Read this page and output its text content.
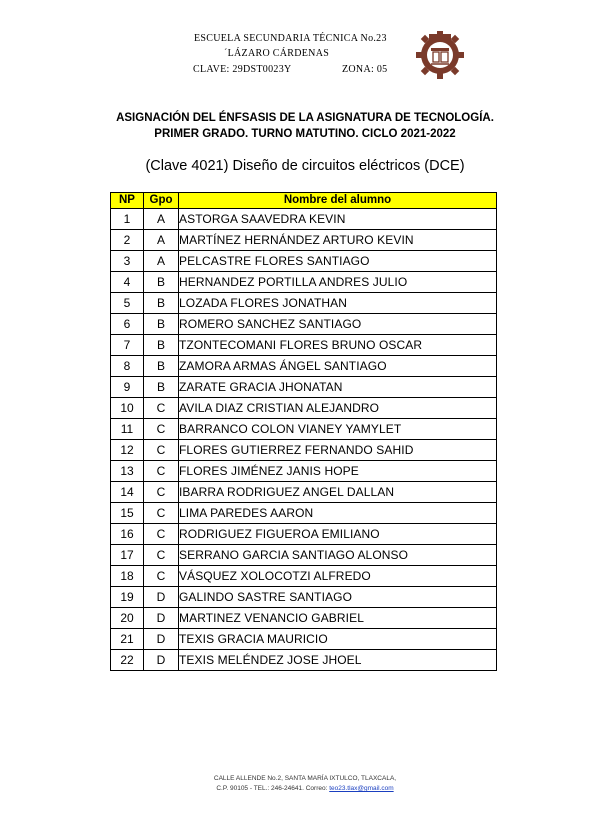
ESCUELA SECUNDARIA TÉCNICA No.23
´LÁZARO CÁRDENAS
CLAVE: 29DST0023Y	ZONA: 05
ASIGNACIÓN DEL ÉNFSASIS DE LA ASIGNATURA DE TECNOLOGÍA.
PRIMER GRADO. TURNO MATUTINO. CICLO 2021-2022
(Clave 4021) Diseño de circuitos eléctricos (DCE)
NP	Gpo	Nombre del alumno
1	A	ASTORGA SAAVEDRA KEVIN
2	A	MARTÍNEZ HERNÁNDEZ ARTURO KEVIN
3	A	PELCASTRE FLORES SANTIAGO
4	B	HERNANDEZ PORTILLA ANDRES JULIO
5	B	LOZADA FLORES JONATHAN
6	B	ROMERO SANCHEZ SANTIAGO
7	B	TZONTECOMANI FLORES BRUNO OSCAR
8	B	ZAMORA ARMAS ÁNGEL SANTIAGO
9	B	ZARATE GRACIA JHONATAN
10	C	AVILA DIAZ CRISTIAN ALEJANDRO
11	C	BARRANCO COLON VIANEY YAMYLET
12	C	FLORES GUTIERREZ FERNANDO SAHID
13	C	FLORES JIMÉNEZ JANIS HOPE
14	C	IBARRA RODRIGUEZ ANGEL DALLAN
15	C	LIMA PAREDES AARON
16	C	RODRIGUEZ FIGUEROA EMILIANO
17	C	SERRANO GARCIA SANTIAGO ALONSO
18	C	VÁSQUEZ XOLOCOTZI ALFREDO
19	D	GALINDO SASTRE SANTIAGO
20	D	MARTINEZ VENANCIO GABRIEL
21	D	TEXIS GRACIA MAURICIO
22	D	TEXIS MELÉNDEZ JOSE JHOEL
CALLE ALLENDE No.2, SANTA MARÍA IXTULCO, TLAXCALA,
C.P. 90105 - TEL.: 246-24641. Correo: teo23.tlax@gmail.com
